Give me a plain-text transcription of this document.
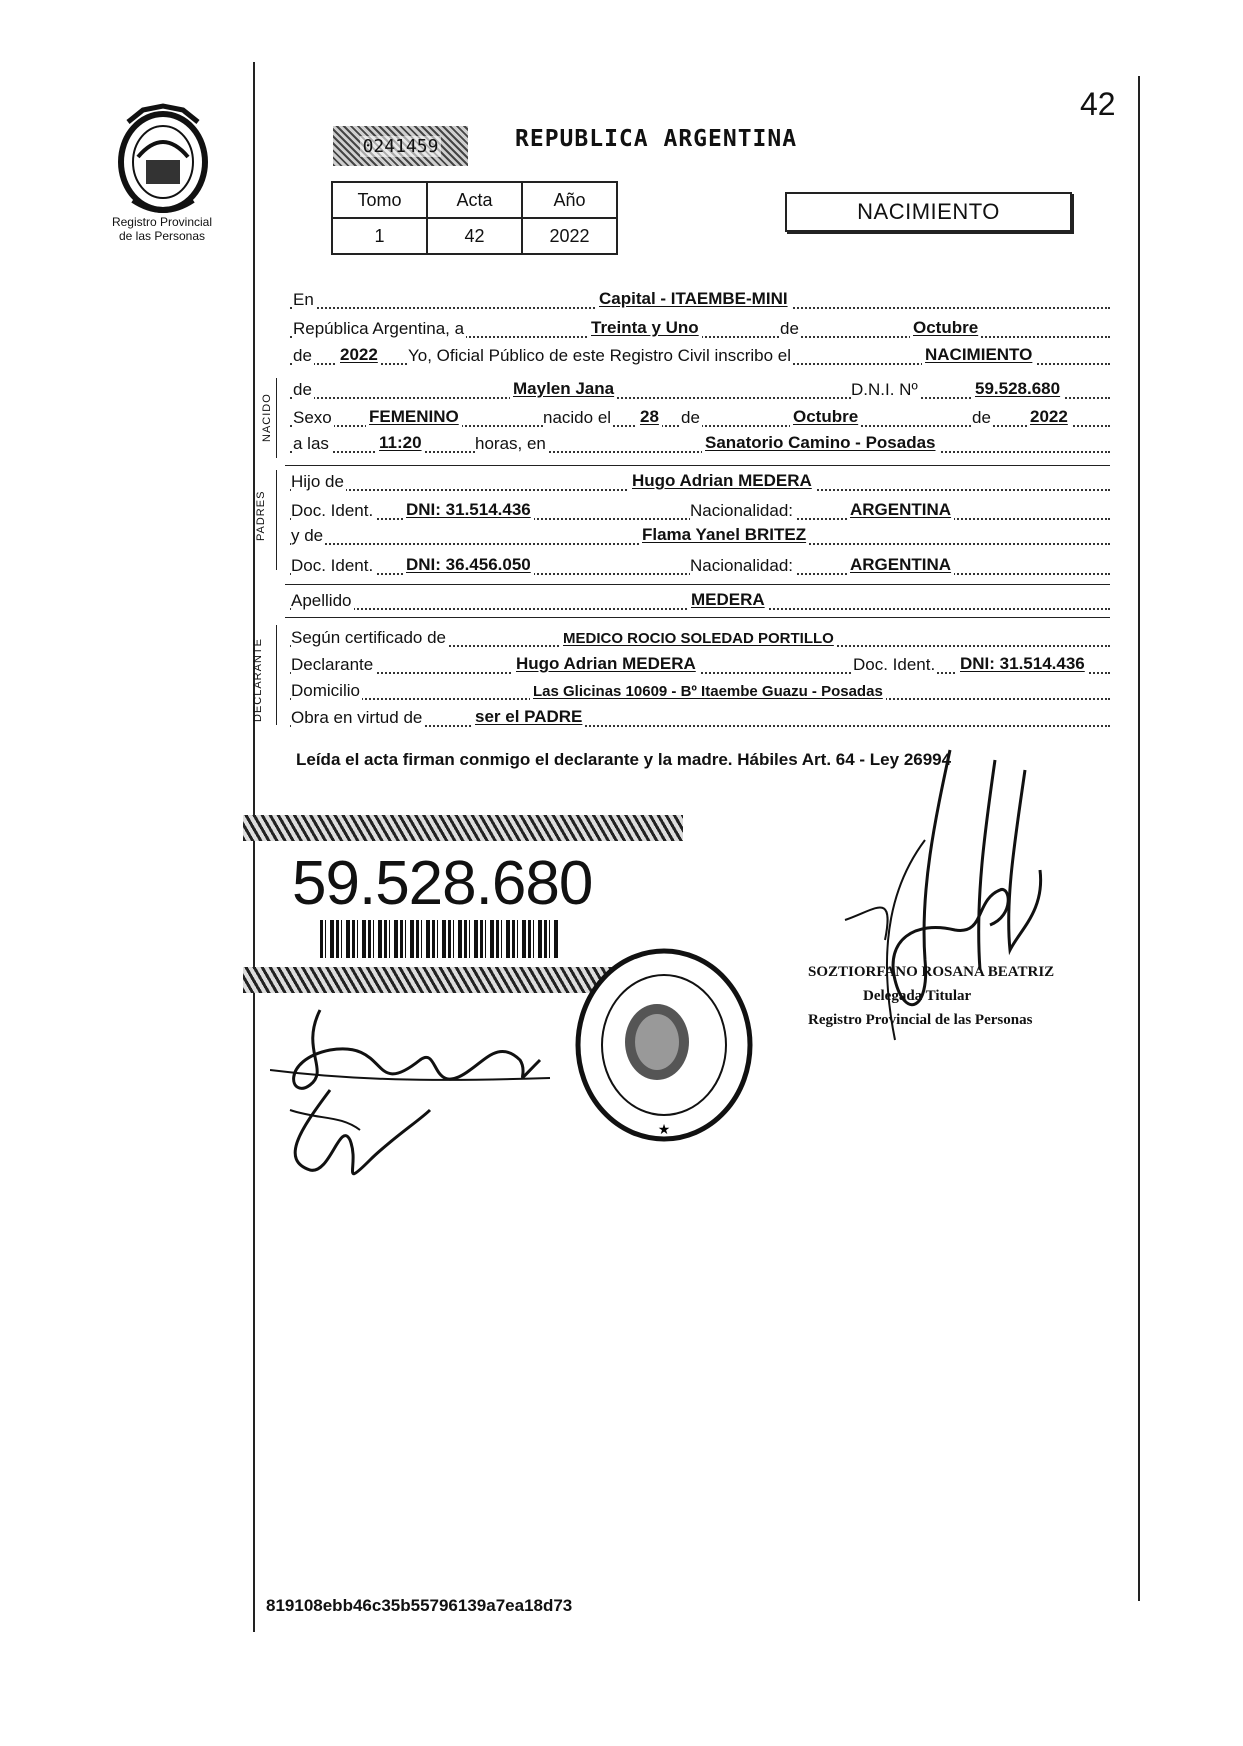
Registro Provincial
de las Personas
42
0241459	REPUBLICA ARGENTINA
Tomo	Acta	Año
1	42	2022
NACIMIENTO
NACIDO
PADRES
DECLARANTE
En	Capital - ITAEMBE-MINI
República Argentina, a	Treinta y Uno	de	Octubre
de 2022 Yo, Oficial Público de este Registro Civil inscribo el	NACIMIENTO
de	Maylen Jana	D.N.I. Nº	59.528.680
Sexo FEMENINO	nacido el 28 de	Octubre	de 2022
a las	11:20	horas, en	Sanatorio Camino - Posadas
Hijo de	Hugo Adrian MEDERA
Doc. Ident. DNI: 31.514.436	Nacionalidad:	ARGENTINA
y de	Flama Yanel BRITEZ
Doc. Ident. DNI: 36.456.050	Nacionalidad:	ARGENTINA
Apellido	MEDERA
Según certificado de	MEDICO ROCIO SOLEDAD PORTILLO
Declarante	Hugo Adrian MEDERA	Doc. Ident. DNI: 31.514.436
Domicilio	Las Glicinas 10609 - Bº Itaembe Guazu - Posadas
Obra en virtud de	ser el PADRE
Leída el acta firman conmigo el declarante y la madre. Hábiles Art. 64 - Ley 26994
59.528.680
★
SOZTIORFANO ROSANA BEATRIZ
Delegada Titular
Registro Provincial de las Personas
819108ebb46c35b55796139a7ea18d73
